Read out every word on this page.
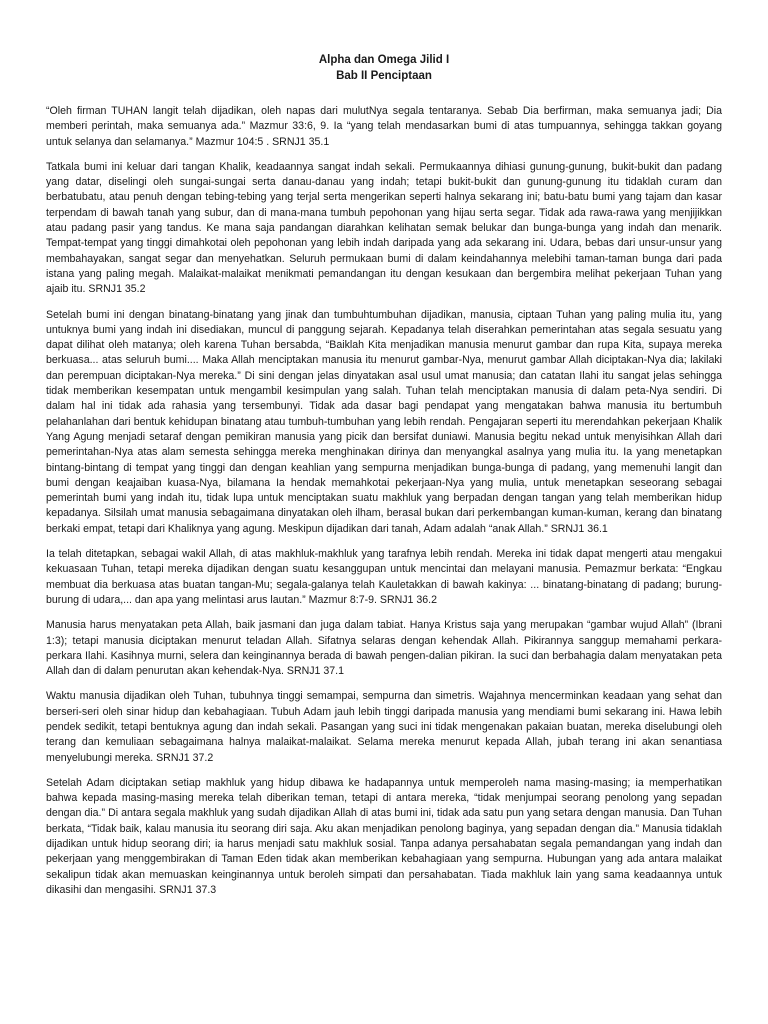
Alpha dan Omega Jilid I
Bab II Penciptaan

“Oleh firman TUHAN langit telah dijadikan, oleh napas dari mulutNya segala tentaranya. Sebab Dia berfirman, maka semuanya jadi; Dia memberi perintah, maka semuanya ada.” Mazmur 33:6, 9. Ia “yang telah mendasarkan bumi di atas tumpuannya, sehingga takkan goyang untuk selanya dan selamanya.” Mazmur 104:5 . SRNJ1 35.1

Tatkala bumi ini keluar dari tangan Khalik, keadaannya sangat indah sekali. Permukaannya dihiasi gunung-gunung, bukit-bukit dan padang yang datar, diselingi oleh sungai-sungai serta danau-danau yang indah; tetapi bukit-bukit dan gunung-gunung itu tidaklah curam dan berbatubatu, atau penuh dengan tebing-tebing yang terjal serta mengerikan seperti halnya sekarang ini; batu-batu bumi yang tajam dan kasar terpendam di bawah tanah yang subur, dan di mana-mana tumbuh pepohonan yang hijau serta segar. Tidak ada rawa-rawa yang menjijikkan atau padang pasir yang tandus. Ke mana saja pandangan diarahkan kelihatan semak belukar dan bunga-bunga yang indah dan menarik. Tempat-tempat yang tinggi dimahkotai oleh pepohonan yang lebih indah daripada yang ada sekarang ini. Udara, bebas dari unsur-unsur yang membahayakan, sangat segar dan menyehatkan. Seluruh permukaan bumi di dalam keindahannya melebihi taman-taman bunga dari pada istana yang paling megah. Malaikat-malaikat menikmati pemandangan itu dengan kesukaan dan bergembira melihat pekerjaan Tuhan yang ajaib itu. SRNJ1 35.2

Setelah bumi ini dengan binatang-binatang yang jinak dan tumbuhtumbuhan dijadikan, manusia, ciptaan Tuhan yang paling mulia itu, yang untuknya bumi yang indah ini disediakan, muncul di panggung sejarah. Kepadanya telah diserahkan pemerintahan atas segala sesuatu yang dapat dilihat oleh matanya; oleh karena Tuhan bersabda, “Baiklah Kita menjadikan manusia menurut gambar dan rupa Kita, supaya mereka berkuasa... atas seluruh bumi.... Maka Allah menciptakan manusia itu menurut gambar-Nya, menurut gambar Allah diciptakan-Nya dia; lakilaki dan perempuan diciptakan-Nya mereka.” Di sini dengan jelas dinyatakan asal usul umat manusia; dan catatan Ilahi itu sangat jelas sehingga tidak memberikan kesempatan untuk mengambil kesimpulan yang salah. Tuhan telah menciptakan manusia di dalam peta-Nya sendiri. Di dalam hal ini tidak ada rahasia yang tersembunyi. Tidak ada dasar bagi pendapat yang mengatakan bahwa manusia itu bertumbuh pelahanlahan dari bentuk kehidupan binatang atau tumbuh-tumbuhan yang lebih rendah. Pengajaran seperti itu merendahkan pekerjaan Khalik Yang Agung menjadi setaraf dengan pemikiran manusia yang picik dan bersifat duniawi. Manusia begitu nekad untuk menyisihkan Allah dari pemerintahan-Nya atas alam semesta sehingga mereka menghinakan dirinya dan menyangkal asalnya yang mulia itu. Ia yang menetapkan bintang-bintang di tempat yang tinggi dan dengan keahlian yang sempurna menjadikan bunga-bunga di padang, yang memenuhi langit dan bumi dengan keajaiban kuasa-Nya, bilamana Ia hendak memahkotai pekerjaan-Nya yang mulia, untuk menetapkan seseorang sebagai pemerintah bumi yang indah itu, tidak lupa untuk menciptakan suatu makhluk yang berpadan dengan tangan yang telah memberikan hidup kepadanya. Silsilah umat manusia sebagaimana dinyatakan oleh ilham, berasal bukan dari perkembangan kuman-kuman, kerang dan binatang berkaki empat, tetapi dari Khaliknya yang agung. Meskipun dijadikan dari tanah, Adam adalah “anak Allah.” SRNJ1 36.1

Ia telah ditetapkan, sebagai wakil Allah, di atas makhluk-makhluk yang tarafnya lebih rendah. Mereka ini tidak dapat mengerti atau mengakui kekuasaan Tuhan, tetapi mereka dijadikan dengan suatu kesanggupan untuk mencintai dan melayani manusia. Pemazmur berkata: “Engkau membuat dia berkuasa atas buatan tangan-Mu; segala-galanya telah Kauletakkan di bawah kakinya: ... binatang-binatang di padang; burung-burung di udara,... dan apa yang melintasi arus lautan.” Mazmur 8:7-9. SRNJ1 36.2

Manusia harus menyatakan peta Allah, baik jasmani dan juga dalam tabiat. Hanya Kristus saja yang merupakan “gambar wujud Allah” (Ibrani 1:3); tetapi manusia diciptakan menurut teladan Allah. Sifatnya selaras dengan kehendak Allah. Pikirannya sanggup memahami perkara-perkara Ilahi. Kasihnya murni, selera dan keinginannya berada di bawah pengen-dalian pikiran. Ia suci dan berbahagia dalam menyatakan peta Allah dan di dalam penurutan akan kehendak-Nya. SRNJ1 37.1

Waktu manusia dijadikan oleh Tuhan, tubuhnya tinggi semampai, sempurna dan simetris. Wajahnya mencerminkan keadaan yang sehat dan berseri-seri oleh sinar hidup dan kebahagiaan. Tubuh Adam jauh lebih tinggi daripada manusia yang mendiami bumi sekarang ini. Hawa lebih pendek sedikit, tetapi bentuknya agung dan indah sekali. Pasangan yang suci ini tidak mengenakan pakaian buatan, mereka diselubungi oleh terang dan kemuliaan sebagaimana halnya malaikat-malaikat. Selama mereka menurut kepada Allah, jubah terang ini akan senantiasa menyelubungi mereka. SRNJ1 37.2

Setelah Adam diciptakan setiap makhluk yang hidup dibawa ke hadapannya untuk memperoleh nama masing-masing; ia memperhatikan bahwa kepada masing-masing mereka telah diberikan teman, tetapi di antara mereka, “tidak menjumpai seorang penolong yang sepadan dengan dia.” Di antara segala makhluk yang sudah dijadikan Allah di atas bumi ini, tidak ada satu pun yang setara dengan manusia. Dan Tuhan berkata, “Tidak baik, kalau manusia itu seorang diri saja. Aku akan menjadikan penolong baginya, yang sepadan dengan dia.” Manusia tidaklah dijadikan untuk hidup seorang diri; ia harus menjadi satu makhluk sosial. Tanpa adanya persahabatan segala pemandangan yang indah dan pekerjaan yang menggembirakan di Taman Eden tidak akan memberikan kebahagiaan yang sempurna. Hubungan yang ada antara malaikat sekalipun tidak akan memuaskan keinginannya untuk beroleh simpati dan persahabatan. Tiada makhluk lain yang sama keadaannya untuk dikasihi dan mengasihi. SRNJ1 37.3
